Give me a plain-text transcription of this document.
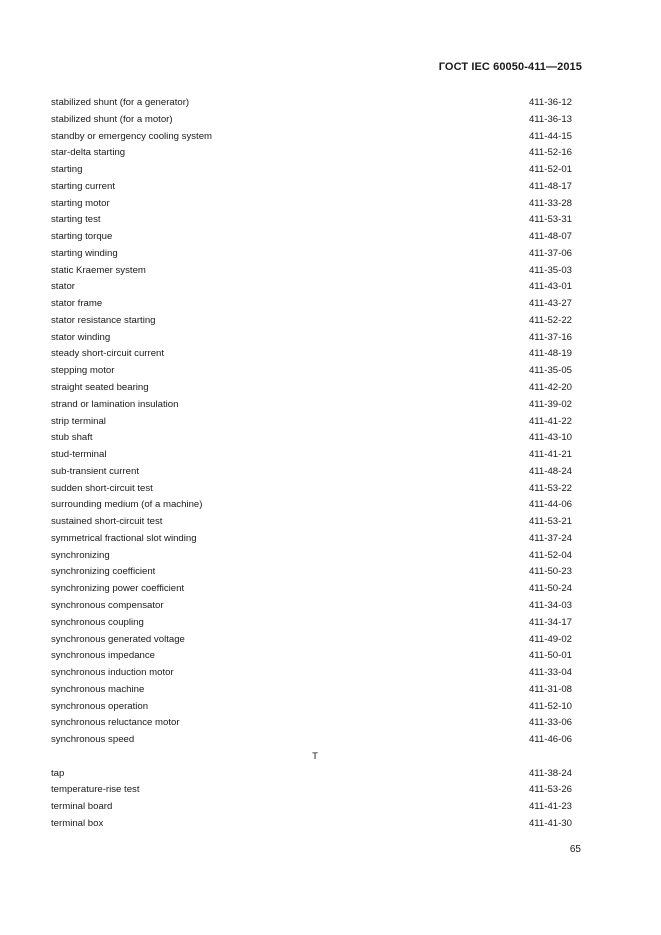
ГОСТ IEC 60050-411—2015
stabilized shunt (for a generator)	411-36-12
stabilized shunt (for a motor)	411-36-13
standby or emergency cooling system	411-44-15
star-delta starting	411-52-16
starting	411-52-01
starting current	411-48-17
starting motor	411-33-28
starting test	411-53-31
starting torque	411-48-07
starting winding	411-37-06
static Kraemer system	411-35-03
stator	411-43-01
stator frame	411-43-27
stator resistance starting	411-52-22
stator winding	411-37-16
steady short-circuit current	411-48-19
stepping motor	411-35-05
straight seated bearing	411-42-20
strand or lamination insulation	411-39-02
strip terminal	411-41-22
stub shaft	411-43-10
stud-terminal	411-41-21
sub-transient current	411-48-24
sudden short-circuit test	411-53-22
surrounding medium (of a machine)	411-44-06
sustained short-circuit test	411-53-21
symmetrical fractional slot winding	411-37-24
synchronizing	411-52-04
synchronizing coefficient	411-50-23
synchronizing power coefficient	411-50-24
synchronous compensator	411-34-03
synchronous coupling	411-34-17
synchronous generated voltage	411-49-02
synchronous impedance	411-50-01
synchronous induction motor	411-33-04
synchronous machine	411-31-08
synchronous operation	411-52-10
synchronous reluctance motor	411-33-06
synchronous speed	411-46-06
T
tap	411-38-24
temperature-rise test	411-53-26
terminal board	411-41-23
terminal box	411-41-30
65
